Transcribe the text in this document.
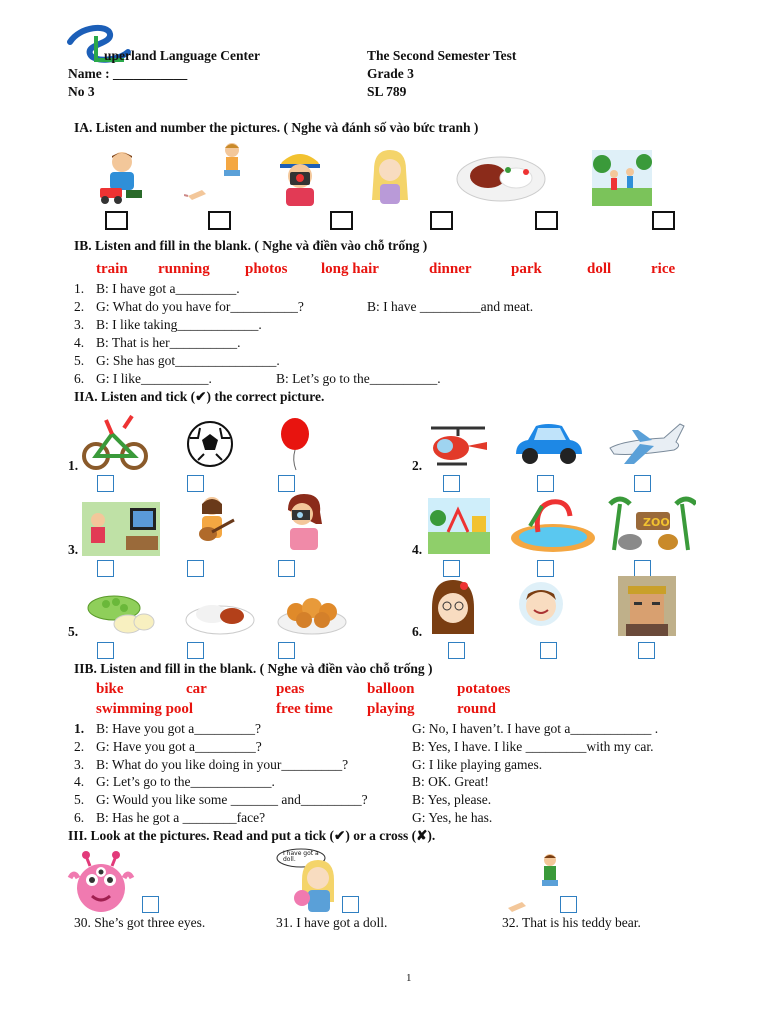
uperland Language Center	The Second Semester Test
Name : ___________	Grade 3
No 3	SL 789
IA. Listen and number the pictures. ( Nghe và đánh số vào bức tranh )
IB. Listen and fill in the blank. ( Nghe và điền vào chỗ trống )
train running photos long hair	dinner	park	doll	rice
1. B: I have got a_________.
2. G: What do you have for__________?	B: I have _________and meat.
3. B: I like taking____________.
4. B: That is her__________.
5. G: She has got_______________.
6. G: I like__________.	B: Let’s go to the__________.
IIA. Listen and tick (✔) the correct picture.
1.	2.
3.	4.
ZOO
5.	6.
IIB. Listen and fill in the blank. ( Nghe và điền vào chỗ trống )
bike	car	peas	balloon	potatoes
swimming pool	free time playing	round
1. B: Have you got a_________?	G: No, I haven’t. I have got a____________ .
2. G: Have you got a_________?	B: Yes, I have. I like _________with my car.
3. B: What do you like doing in your_________?	G: I like playing games.
4. G: Let’s go to the____________.	B: OK. Great!
5. G: Would you like some _______ and_________?	B: Yes, please.
6. B: Has he got a ________face?	G: Yes, he has.
III. Look at the pictures. Read and put a tick (✔) or a cross (✘).
I have got a doll.
30. She’s got three eyes.	31. I have got a doll.	32. That is his teddy bear.
1
